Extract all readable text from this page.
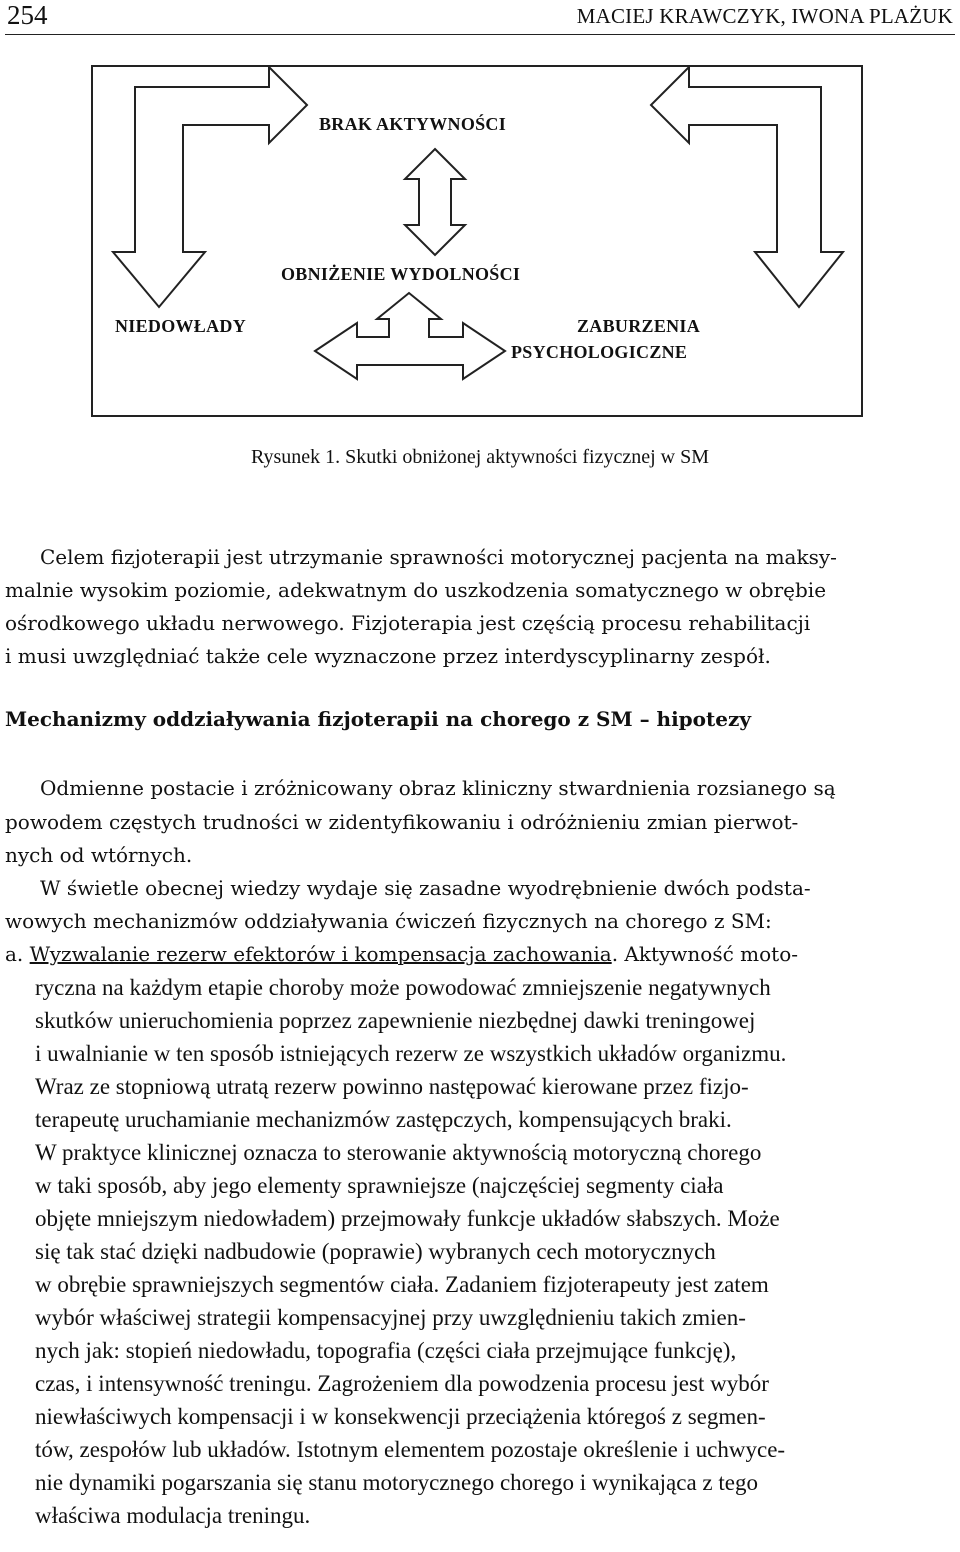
254	MACIEJ KRAWCZYK, IWONA PLAŻUK
BRAK AKTYWNOŚCI
OBNIŻENIE WYDOLNOŚCI
NIEDOWŁADY	ZABURZENIA
PSYCHOLOGICZNE
Rysunek 1. Skutki obniżonej aktywności fizycznej w SM
Celem fizjoterapii jest utrzymanie sprawności motorycznej pacjenta na maksy-
malnie wysokim poziomie, adekwatnym do uszkodzenia somatycznego w obrębie
ośrodkowego układu nerwowego. Fizjoterapia jest częścią procesu rehabilitacji
i musi uwzględniać także cele wyznaczone przez interdyscyplinarny zespół.
Mechanizmy oddziaływania fizjoterapii na chorego z SM – hipotezy
Odmienne postacie i zróżnicowany obraz kliniczny stwardnienia rozsianego są
powodem częstych trudności w zidentyfikowaniu i odróżnieniu zmian pierwot-
nych od wtórnych.
W świetle obecnej wiedzy wydaje się zasadne wyodrębnienie dwóch podsta-
wowych mechanizmów oddziaływania ćwiczeń fizycznych na chorego z SM:
a. Wyzwalanie rezerw efektorów i kompensacja zachowania. Aktywność moto-
ryczna na każdym etapie choroby może powodować zmniejszenie negatywnych
skutków unieruchomienia poprzez zapewnienie niezbędnej dawki treningowej
i uwalnianie w ten sposób istniejących rezerw ze wszystkich układów organizmu.
Wraz ze stopniową utratą rezerw powinno następować kierowane przez fizjo-
terapeutę uruchamianie mechanizmów zastępczych, kompensujących braki.
W praktyce klinicznej oznacza to sterowanie aktywnością motoryczną chorego
w taki sposób, aby jego elementy sprawniejsze (najczęściej segmenty ciała
objęte mniejszym niedowładem) przejmowały funkcje układów słabszych. Może
się tak stać dzięki nadbudowie (poprawie) wybranych cech motorycznych
w obrębie sprawniejszych segmentów ciała. Zadaniem fizjoterapeuty jest zatem
wybór właściwej strategii kompensacyjnej przy uwzględnieniu takich zmien-
nych jak: stopień niedowładu, topografia (części ciała przejmujące funkcję),
czas, i intensywność treningu. Zagrożeniem dla powodzenia procesu jest wybór
niewłaściwych kompensacji i w konsekwencji przeciążenia któregoś z segmen-
tów, zespołów lub układów. Istotnym elementem pozostaje określenie i uchwyce-
nie dynamiki pogarszania się stanu motorycznego chorego i wynikająca z tego
właściwa modulacja treningu.
